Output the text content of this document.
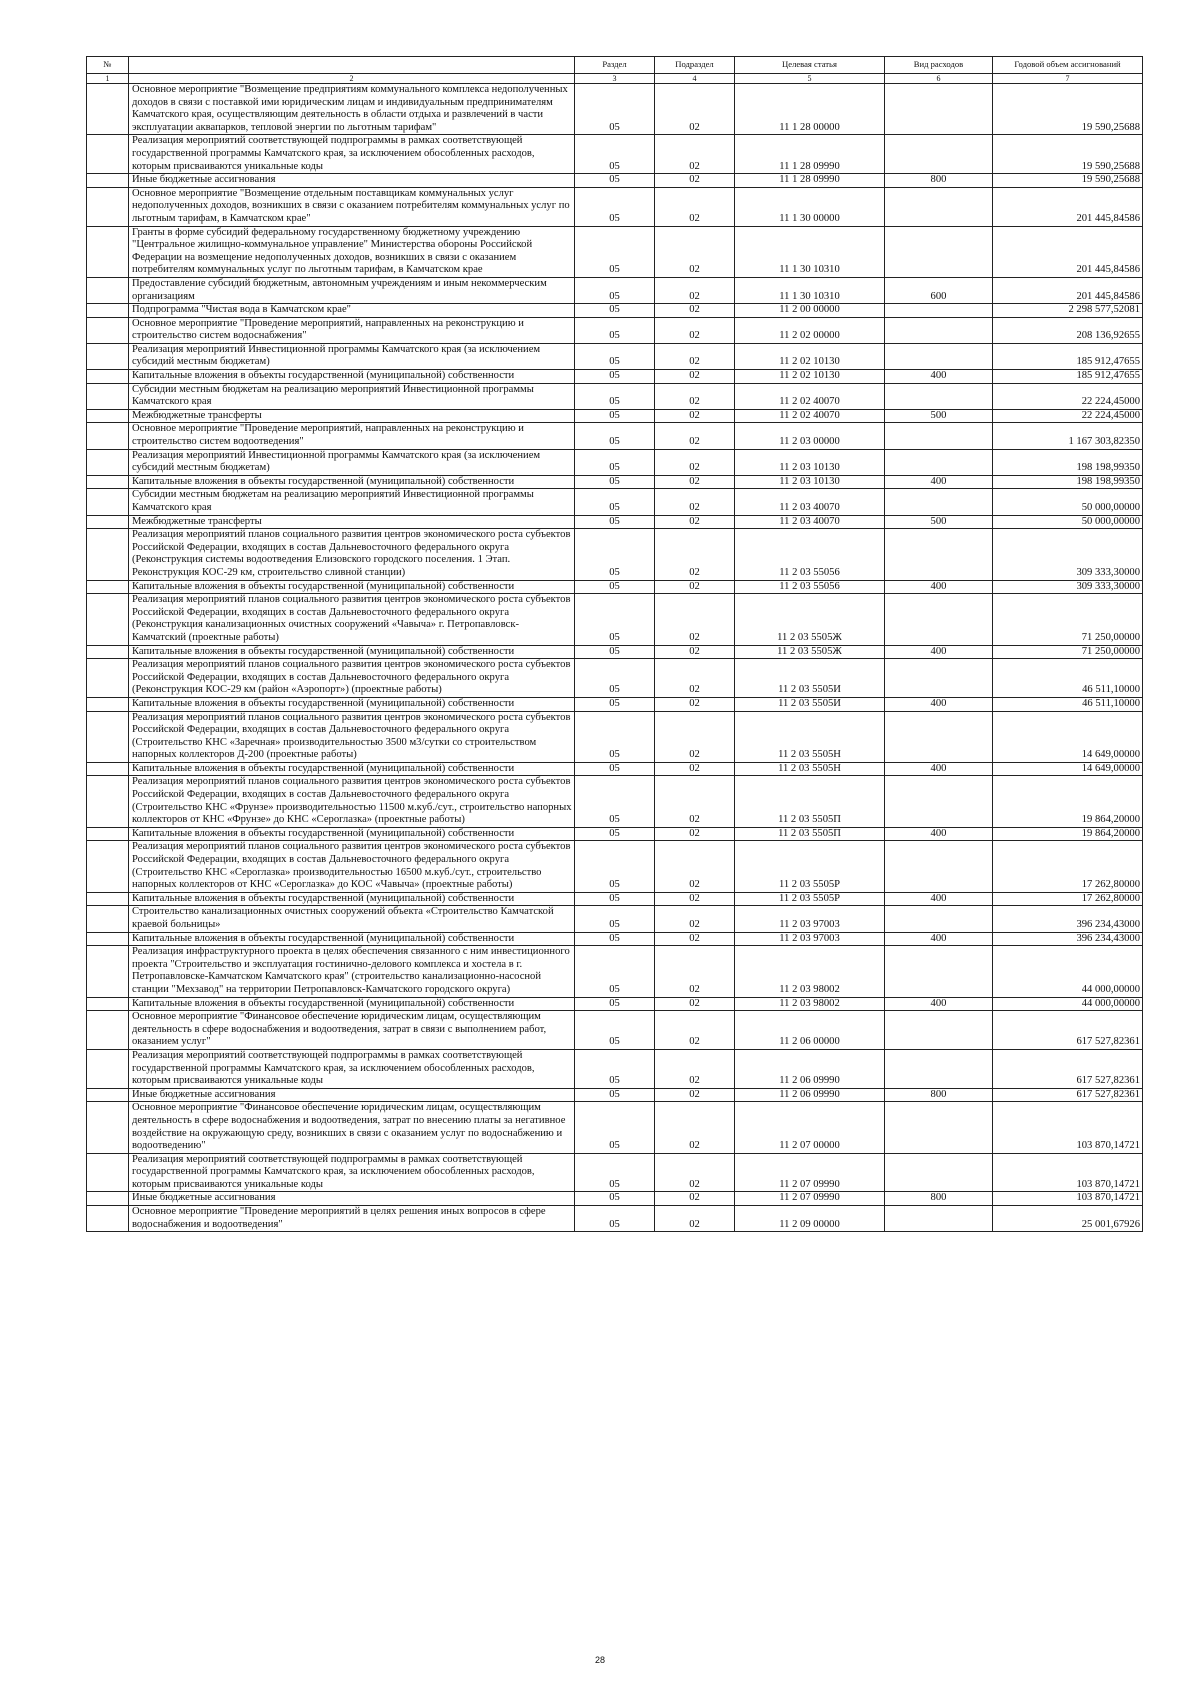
№		Раздел	Подраздел	Целевая статья	Вид расходов	Годовой объем ассигнований
1	2	3	4	5	6	7
	Основное мероприятие "Возмещение предприятиям коммунального комплекса недополученных доходов в связи с поставкой ими юридическим лицам и индивидуальным предпринимателям Камчатского края, осуществляющим деятельность в области отдыха и развлечений в части эксплуатации аквапарков, тепловой энергии по льготным тарифам"	05	02	11 1 28 00000		19 590,25688
	Реализация мероприятий соответствующей подпрограммы в рамках соответствующей государственной программы Камчатского края, за исключением обособленных расходов, которым присваиваются уникальные коды	05	02	11 1 28 09990		19 590,25688
	Иные бюджетные ассигнования	05	02	11 1 28 09990	800	19 590,25688
	Основное мероприятие "Возмещение отдельным поставщикам коммунальных услуг недополученных доходов, возникших в связи с оказанием потребителям коммунальных услуг по льготным тарифам, в Камчатском крае"	05	02	11 1 30 00000		201 445,84586
	Гранты в форме субсидий федеральному государственному бюджетному учреждению "Центральное жилищно-коммунальное управление" Министерства обороны Российской Федерации на возмещение недополученных доходов, возникших в связи с оказанием потребителям коммунальных услуг по льготным тарифам, в Камчатском крае	05	02	11 1 30 10310		201 445,84586
	Предоставление субсидий бюджетным, автономным учреждениям и иным некоммерческим организациям	05	02	11 1 30 10310	600	201 445,84586
	Подпрограмма "Чистая вода в Камчатском крае"	05	02	11 2 00 00000		2 298 577,52081
	Основное мероприятие "Проведение мероприятий, направленных на реконструкцию и строительство систем водоснабжения"	05	02	11 2 02 00000		208 136,92655
	Реализация мероприятий Инвестиционной программы Камчатского края (за исключением субсидий местным бюджетам)	05	02	11 2 02 10130		185 912,47655
	Капитальные вложения в объекты государственной (муниципальной) собственности	05	02	11 2 02 10130	400	185 912,47655
	Субсидии местным бюджетам на реализацию мероприятий Инвестиционной программы Камчатского края	05	02	11 2 02 40070		22 224,45000
	Межбюджетные трансферты	05	02	11 2 02 40070	500	22 224,45000
	Основное мероприятие "Проведение мероприятий, направленных на реконструкцию и строительство систем водоотведения"	05	02	11 2 03 00000		1 167 303,82350
	Реализация мероприятий Инвестиционной программы Камчатского края (за исключением субсидий местным бюджетам)	05	02	11 2 03 10130		198 198,99350
	Капитальные вложения в объекты государственной (муниципальной) собственности	05	02	11 2 03 10130	400	198 198,99350
	Субсидии местным бюджетам на реализацию мероприятий Инвестиционной программы Камчатского края	05	02	11 2 03 40070		50 000,00000
	Межбюджетные трансферты	05	02	11 2 03 40070	500	50 000,00000
	Реализация мероприятий планов социального развития центров экономического роста субъектов Российской Федерации, входящих в состав Дальневосточного федерального округа (Реконструкция системы водоотведения Елизовского городского поселения. 1 Этап. Реконструкция КОС-29 км, строительство сливной станции)	05	02	11 2 03 55056		309 333,30000
	Капитальные вложения в объекты государственной (муниципальной) собственности	05	02	11 2 03 55056	400	309 333,30000
	Реализация мероприятий планов социального развития центров экономического роста субъектов Российской Федерации, входящих в состав Дальневосточного федерального округа (Реконструкция канализационных очистных сооружений «Чавыча» г. Петропавловск-Камчатский (проектные работы)	05	02	11 2 03 5505Ж		71 250,00000
	Капитальные вложения в объекты государственной (муниципальной) собственности	05	02	11 2 03 5505Ж	400	71 250,00000
	Реализация мероприятий планов социального развития центров экономического роста субъектов Российской Федерации, входящих в состав Дальневосточного федерального округа (Реконструкция КОС-29 км (район «Аэропорт») (проектные работы)	05	02	11 2 03 5505И		46 511,10000
	Капитальные вложения в объекты государственной (муниципальной) собственности	05	02	11 2 03 5505И	400	46 511,10000
	Реализация мероприятий планов социального развития центров экономического роста субъектов Российской Федерации, входящих в состав Дальневосточного федерального округа (Строительство КНС «Заречная» производительностью 3500 м3/сутки со строительством напорных коллекторов Д-200 (проектные работы)	05	02	11 2 03 5505Н		14 649,00000
	Капитальные вложения в объекты государственной (муниципальной) собственности	05	02	11 2 03 5505Н	400	14 649,00000
	Реализация мероприятий планов социального развития центров экономического роста субъектов Российской Федерации, входящих в состав Дальневосточного федерального округа (Строительство КНС «Фрунзе» производительностью 11500 м.куб./сут., строительство напорных коллекторов от КНС «Фрунзе» до КНС «Сероглазка» (проектные работы)	05	02	11 2 03 5505П		19 864,20000
	Капитальные вложения в объекты государственной (муниципальной) собственности	05	02	11 2 03 5505П	400	19 864,20000
	Реализация мероприятий планов социального развития центров экономического роста субъектов Российской Федерации, входящих в состав Дальневосточного федерального округа (Строительство КНС «Сероглазка» производительностью 16500 м.куб./сут., строительство напорных коллекторов от КНС «Сероглазка» до КОС «Чавыча» (проектные работы)	05	02	11 2 03 5505Р		17 262,80000
	Капитальные вложения в объекты государственной (муниципальной) собственности	05	02	11 2 03 5505Р	400	17 262,80000
	Строительство канализационных очистных сооружений объекта «Строительство Камчатской краевой больницы»	05	02	11 2 03 97003		396 234,43000
	Капитальные вложения в объекты государственной (муниципальной) собственности	05	02	11 2 03 97003	400	396 234,43000
	Реализация инфраструктурного проекта в целях обеспечения связанного с ним инвестиционного проекта "Строительство и эксплуатация гостинично-делового комплекса и хостела в г. Петропавловске-Камчатском Камчатского края" (строительство канализационно-насосной станции "Мехзавод" на территории Петропавловск-Камчатского городского округа)	05	02	11 2 03 98002		44 000,00000
	Капитальные вложения в объекты государственной (муниципальной) собственности	05	02	11 2 03 98002	400	44 000,00000
	Основное мероприятие "Финансовое обеспечение юридическим лицам, осуществляющим деятельность в сфере водоснабжения и водоотведения, затрат в связи с выполнением работ, оказанием услуг"	05	02	11 2 06 00000		617 527,82361
	Реализация мероприятий соответствующей подпрограммы в рамках соответствующей государственной программы Камчатского края, за исключением обособленных расходов, которым присваиваются уникальные коды	05	02	11 2 06 09990		617 527,82361
	Иные бюджетные ассигнования	05	02	11 2 06 09990	800	617 527,82361
	Основное мероприятие "Финансовое обеспечение юридическим лицам, осуществляющим деятельность в сфере водоснабжения и водоотведения, затрат по внесению платы за негативное воздействие на окружающую среду, возникших в связи с оказанием услуг по водоснабжению и водоотведению"	05	02	11 2 07 00000		103 870,14721
	Реализация мероприятий соответствующей подпрограммы в рамках соответствующей государственной программы Камчатского края, за исключением обособленных расходов, которым присваиваются уникальные коды	05	02	11 2 07 09990		103 870,14721
	Иные бюджетные ассигнования	05	02	11 2 07 09990	800	103 870,14721
	Основное мероприятие "Проведение мероприятий в целях решения иных вопросов в сфере водоснабжения и водоотведения"	05	02	11 2 09 00000		25 001,67926
28
